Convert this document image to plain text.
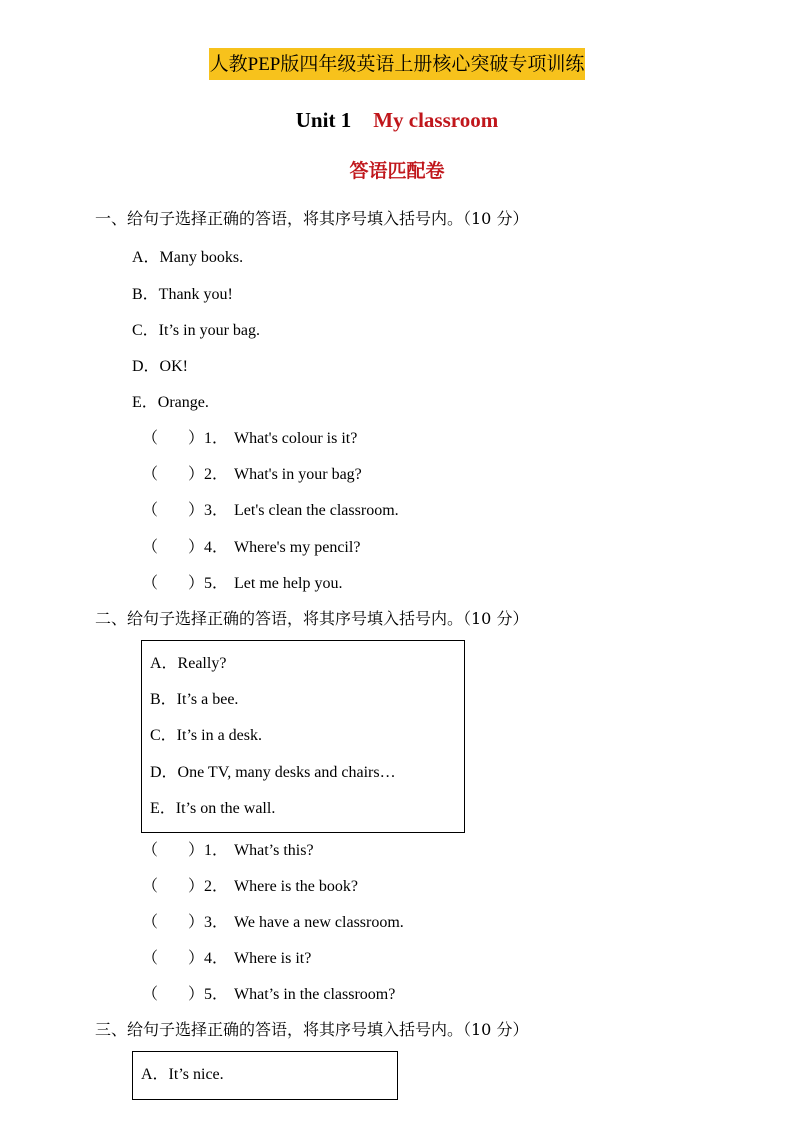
人教PEP版四年级英语上册核心突破专项训练
Unit 1 My classroom
答语匹配卷
一、给句子选择正确的答语，将其序号填入括号内。（10 分）
A．Many books.
B．Thank you!
C．It’s in your bag.
D．OK!
E．Orange.
（ ）1． What's colour is it?
（ ）2． What's in your bag?
（ ）3． Let's clean the classroom.
（ ）4． Where's my pencil?
（ ）5． Let me help you.
二、给句子选择正确的答语，将其序号填入括号内。（10 分）
A．Really?
B．It’s a bee.
C．It’s in a desk.
D．One TV, many desks and chairs…
E．It’s on the wall.
（ ）1． What’s this?
（ ）2． Where is the book?
（ ）3． We have a new classroom.
（ ）4． Where is it?
（ ）5． What’s in the classroom?
三、给句子选择正确的答语，将其序号填入括号内。（10 分）
A．It’s nice.
